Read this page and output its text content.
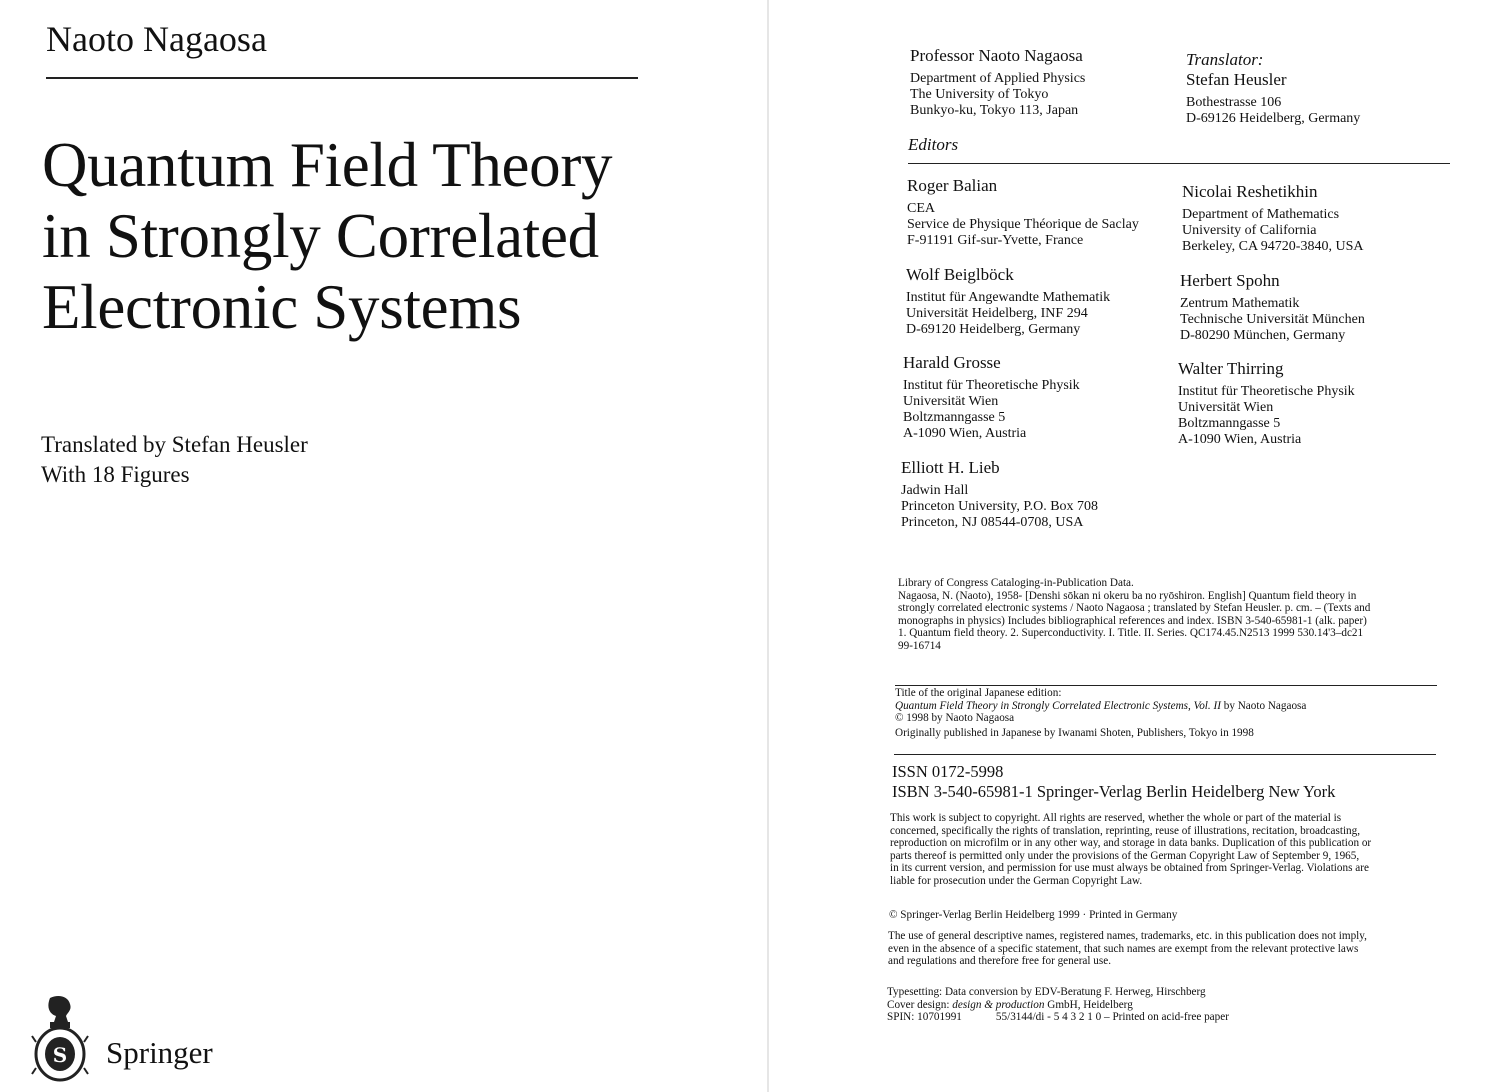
Naoto Nagaosa
Quantum Field Theory
in Strongly Correlated
Electronic Systems
Translated by Stefan Heusler
With 18 Figures
S Springer
Professor Naoto Nagaosa
Department of Applied Physics
The University of Tokyo
Bunkyo-ku, Tokyo 113, Japan
Translator:
Stefan Heusler
Bothestrasse 106
D-69126 Heidelberg, Germany
Editors
Roger Balian
CEA
Service de Physique Théorique de Saclay
F-91191 Gif-sur-Yvette, France
Nicolai Reshetikhin
Department of Mathematics
University of California
Berkeley, CA 94720-3840, USA
Wolf Beiglböck
Institut für Angewandte Mathematik
Universität Heidelberg, INF 294
D-69120 Heidelberg, Germany
Herbert Spohn
Zentrum Mathematik
Technische Universität München
D-80290 München, Germany
Harald Grosse
Institut für Theoretische Physik
Universität Wien
Boltzmanngasse 5
A-1090 Wien, Austria
Walter Thirring
Institut für Theoretische Physik
Universität Wien
Boltzmanngasse 5
A-1090 Wien, Austria
Elliott H. Lieb
Jadwin Hall
Princeton University, P.O. Box 708
Princeton, NJ 08544-0708, USA
Library of Congress Cataloging-in-Publication Data.
Nagaosa, N. (Naoto), 1958- [Denshi sōkan ni okeru ba no ryōshiron. English] Quantum field theory in
strongly correlated electronic systems / Naoto Nagaosa ; translated by Stefan Heusler. p. cm. – (Texts and
monographs in physics) Includes bibliographical references and index. ISBN 3-540-65981-1 (alk. paper)
1. Quantum field theory. 2. Superconductivity. I. Title. II. Series. QC174.45.N2513 1999 530.14'3–dc21
99-16714
Title of the original Japanese edition:
Quantum Field Theory in Strongly Correlated Electronic Systems, Vol. II by Naoto Nagaosa
© 1998 by Naoto Nagaosa
Originally published in Japanese by Iwanami Shoten, Publishers, Tokyo in 1998
ISSN 0172-5998
ISBN 3-540-65981-1 Springer-Verlag Berlin Heidelberg New York
This work is subject to copyright. All rights are reserved, whether the whole or part of the material is
concerned, specifically the rights of translation, reprinting, reuse of illustrations, recitation, broadcasting,
reproduction on microfilm or in any other way, and storage in data banks. Duplication of this publication or
parts thereof is permitted only under the provisions of the German Copyright Law of September 9, 1965,
in its current version, and permission for use must always be obtained from Springer-Verlag. Violations are
liable for prosecution under the German Copyright Law.
© Springer-Verlag Berlin Heidelberg 1999 · Printed in Germany
The use of general descriptive names, registered names, trademarks, etc. in this publication does not imply,
even in the absence of a specific statement, that such names are exempt from the relevant protective laws
and regulations and therefore free for general use.
Typesetting: Data conversion by EDV-Beratung F. Herweg, Hirschberg
Cover design: design & production GmbH, Heidelberg
SPIN: 10701991	55/3144/di - 5 4 3 2 1 0 – Printed on acid-free paper
